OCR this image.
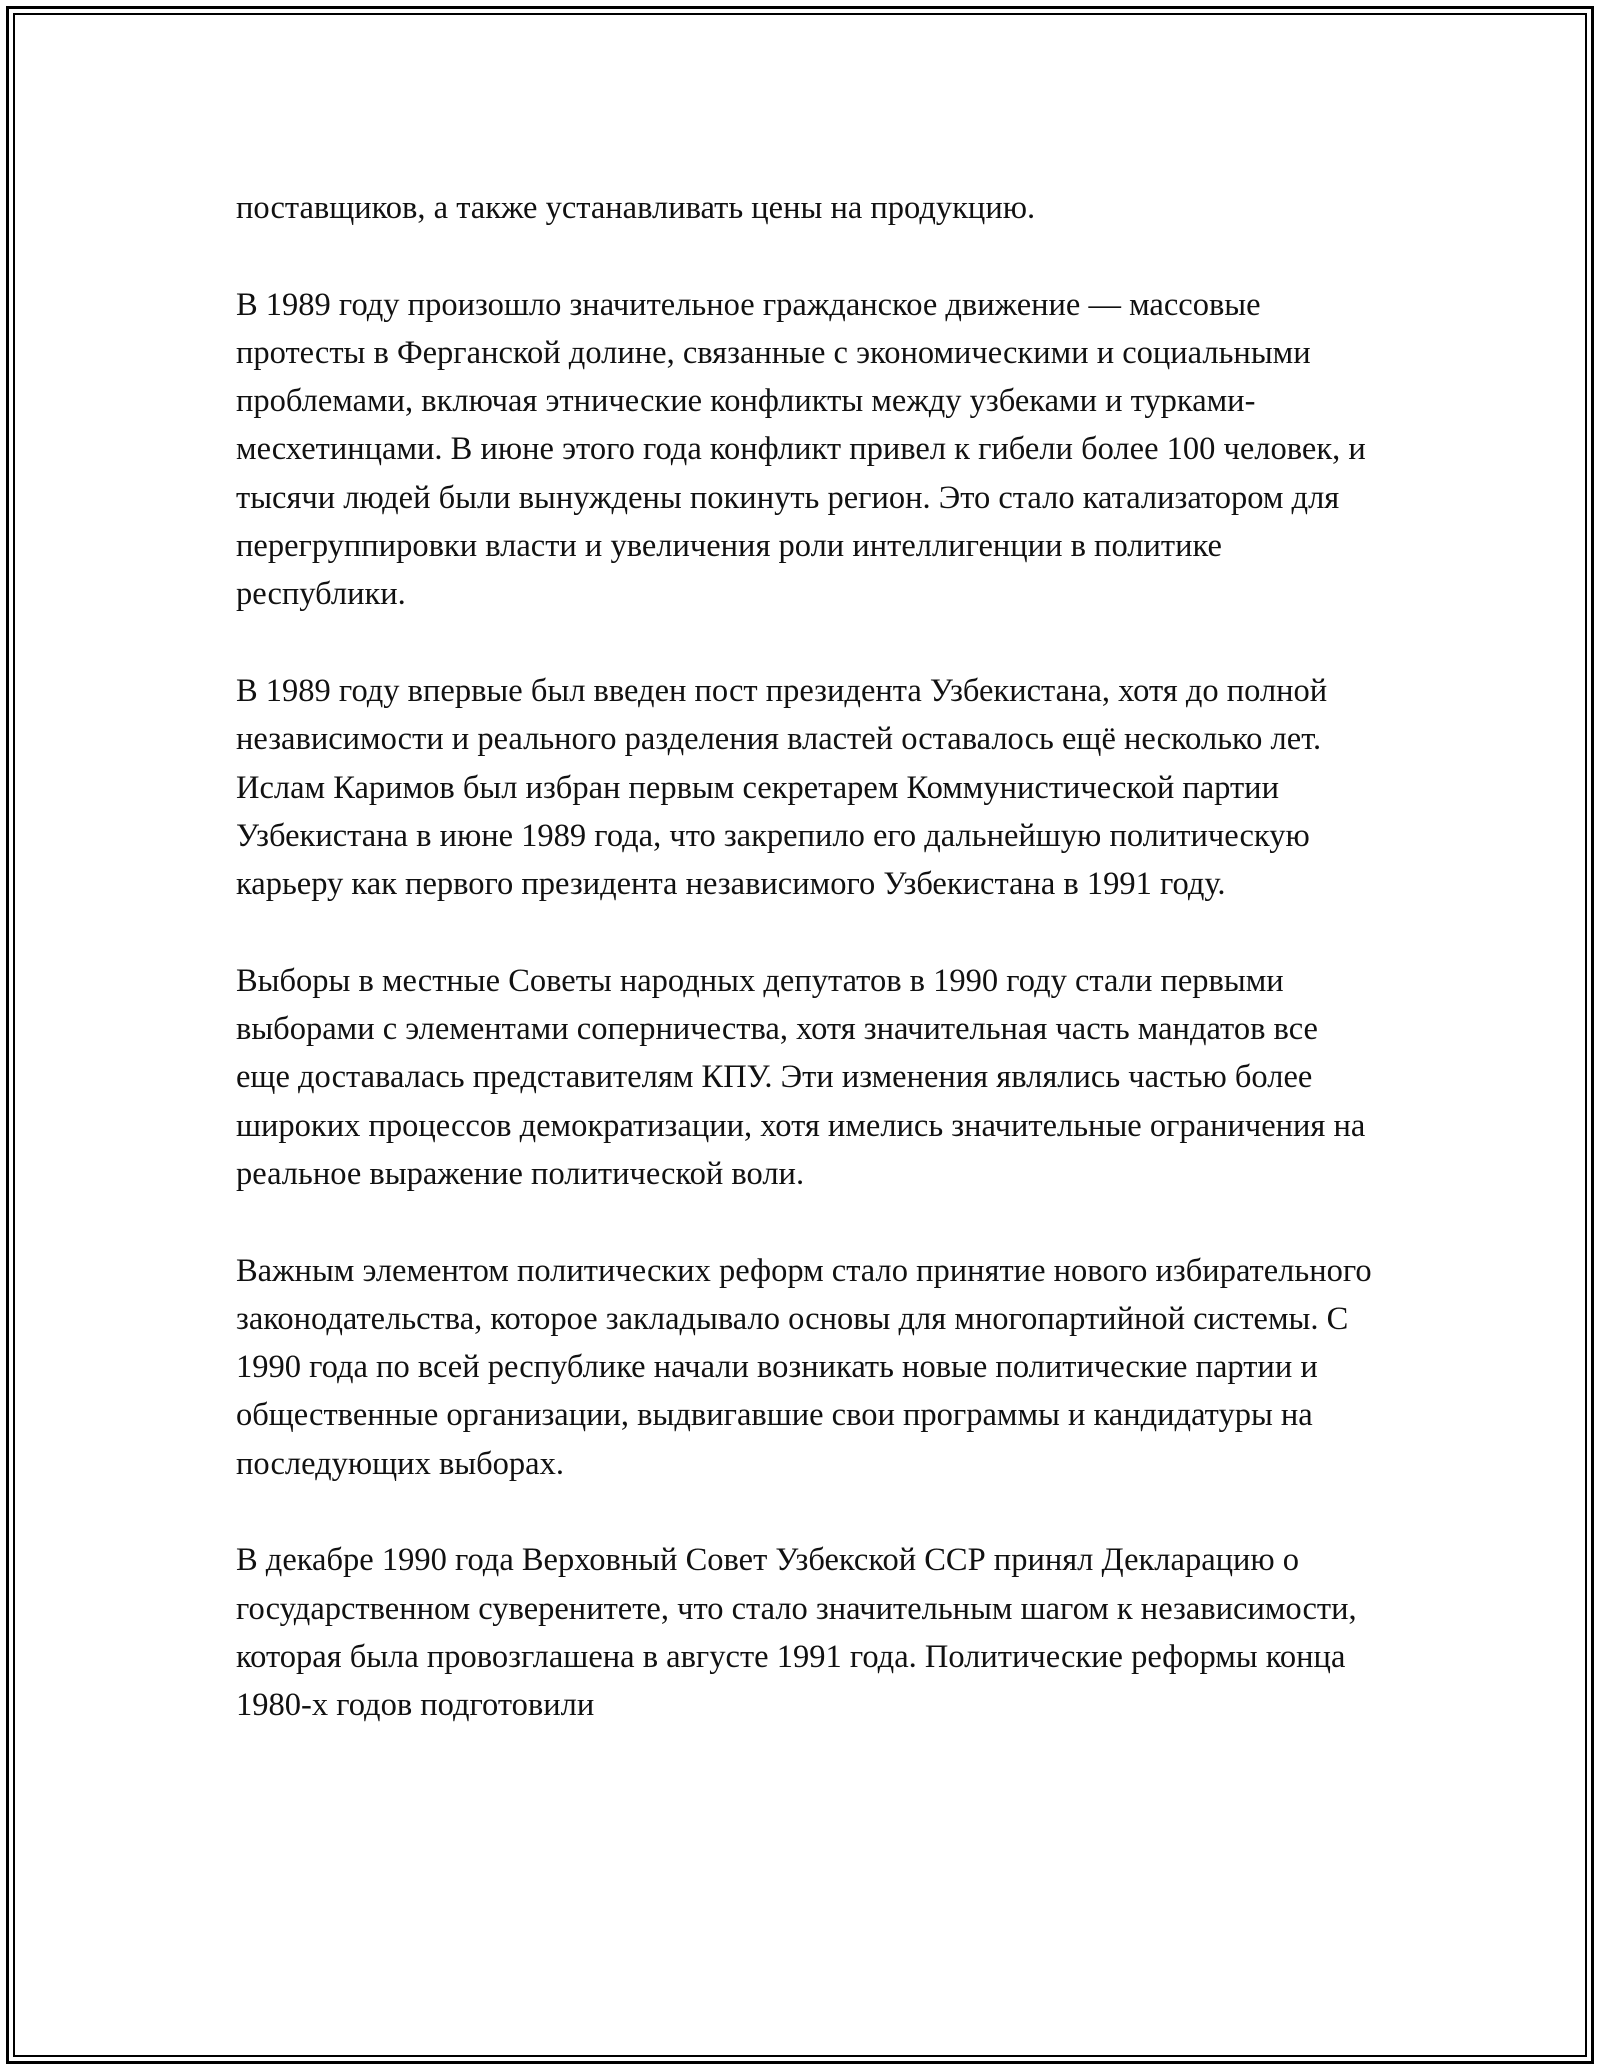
поставщиков, а также устанавливать цены на продукцию.

В 1989 году произошло значительное гражданское движение — массовые протесты в Ферганской долине, связанные с экономическими и социальными проблемами, включая этнические конфликты между узбеками и турками-месхетинцами. В июне этого года конфликт привел к гибели более 100 человек, и тысячи людей были вынуждены покинуть регион. Это стало катализатором для перегруппировки власти и увеличения роли интеллигенции в политике республики.

В 1989 году впервые был введен пост президента Узбекистана, хотя до полной независимости и реального разделения властей оставалось ещё несколько лет. Ислам Каримов был избран первым секретарем Коммунистической партии Узбекистана в июне 1989 года, что закрепило его дальнейшую политическую карьеру как первого президента независимого Узбекистана в 1991 году.

Выборы в местные Советы народных депутатов в 1990 году стали первыми выборами с элементами соперничества, хотя значительная часть мандатов все еще доставалась представителям КПУ. Эти изменения являлись частью более широких процессов демократизации, хотя имелись значительные ограничения на реальное выражение политической воли.

Важным элементом политических реформ стало принятие нового избирательного законодательства, которое закладывало основы для многопартийной системы. С 1990 года по всей республике начали возникать новые политические партии и общественные организации, выдвигавшие свои программы и кандидатуры на последующих выборах.

В декабре 1990 года Верховный Совет Узбекской ССР принял Декларацию о государственном суверенитете, что стало значительным шагом к независимости, которая была провозглашена в августе 1991 года. Политические реформы конца 1980-х годов подготовили
